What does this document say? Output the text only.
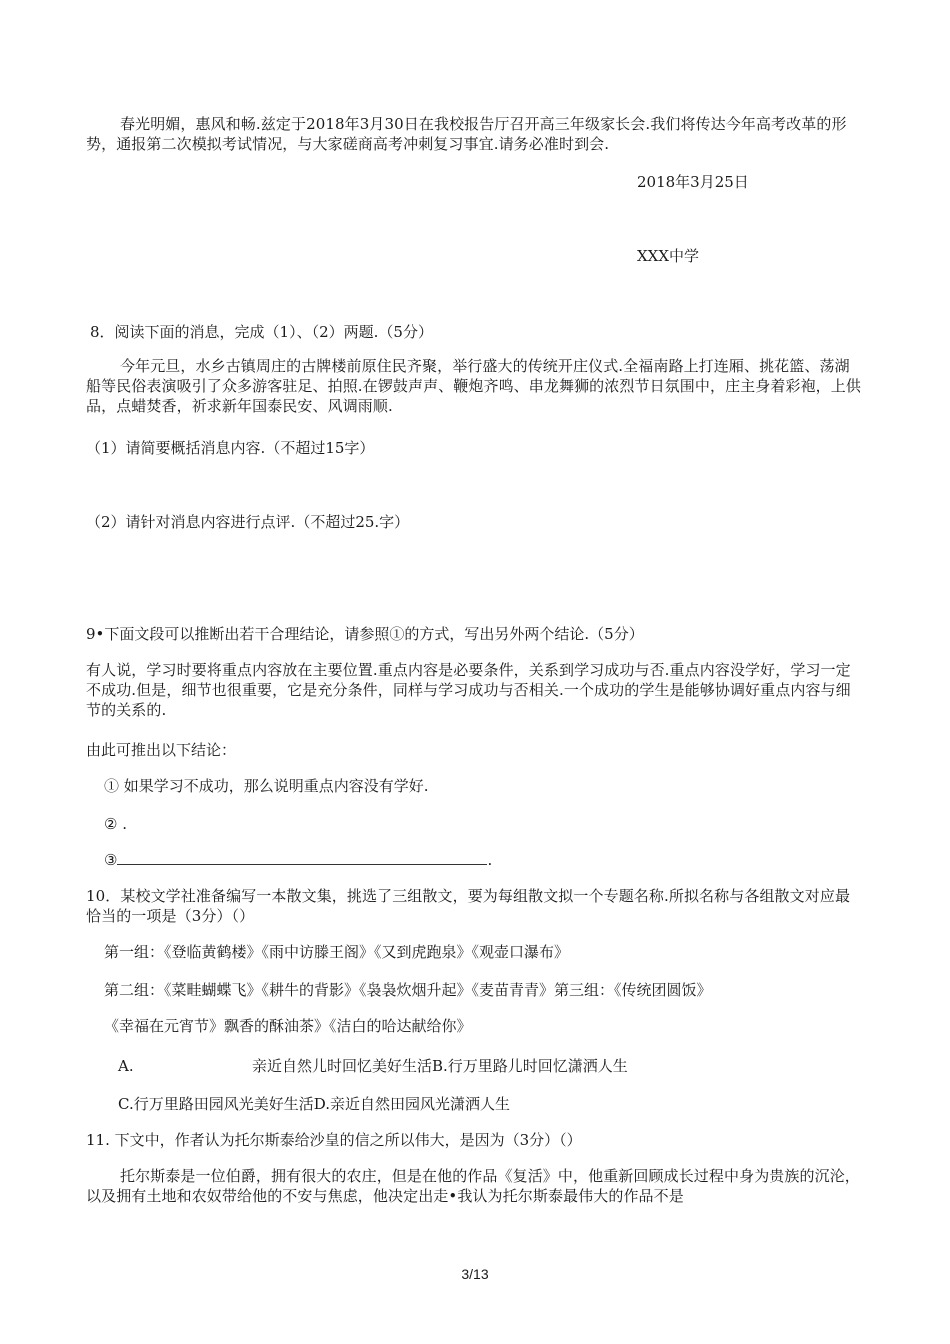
春光明媚，惠风和畅.兹定于2018年3月30日在我校报告厅召开高三年级家长会.我们将传达今年高考改革的形势，通报第二次模拟考试情况，与大家磋商高考冲刺复习事宜.请务必准时到会.
2018年3月25日
XXX中学
8．阅读下面的消息，完成（1）、（2）两题.（5分）
今年元旦，水乡古镇周庄的古牌楼前原住民齐聚，举行盛大的传统开庄仪式.全福南路上打连厢、挑花篮、荡湖船等民俗表演吸引了众多游客驻足、拍照.在锣鼓声声、鞭炮齐鸣、串龙舞狮的浓烈节日氛围中，庄主身着彩袍，上供品，点蜡焚香，祈求新年国泰民安、风调雨顺.
（1）请简要概括消息内容.（不超过15字）
（2）请针对消息内容进行点评.（不超过25.字）
9•下面文段可以推断出若干合理结论，请参照①的方式，写出另外两个结论.（5分）
有人说，学习时要将重点内容放在主要位置.重点内容是必要条件，关系到学习成功与否.重点内容没学好，学习一定不成功.但是，细节也很重要，它是充分条件，同样与学习成功与否相关.一个成功的学生是能够协调好重点内容与细节的关系的.
由此可推出以下结论：
① 如果学习不成功，那么说明重点内容没有学好.
② .
③	.
10．某校文学社准备编写一本散文集，挑选了三组散文，要为每组散文拟一个专题名称.所拟名称与各组散文对应最恰当的一项是（3分）（）
第一组：《登临黄鹤楼》《雨中访滕王阁》《又到虎跑泉》《观壶口瀑布》
第二组：《菜畦蝴蝶飞》《耕牛的背影》《袅袅炊烟升起》《麦苗青青》第三组：《传统团圆饭》
《幸福在元宵节》飘香的酥油茶》《洁白的哈达献给你》
A.	亲近自然儿时回忆美好生活B.行万里路儿时回忆潇洒人生
C.行万里路田园风光美好生活D.亲近自然田园风光潇洒人生
11. 下文中，作者认为托尔斯泰给沙皇的信之所以伟大，是因为（3分）（）
托尔斯泰是一位伯爵，拥有很大的农庄，但是在他的作品《复活》中，他重新回顾成长过程中身为贵族的沉沦，以及拥有土地和农奴带给他的不安与焦虑，他决定出走•我认为托尔斯泰最伟大的作品不是
3/13
